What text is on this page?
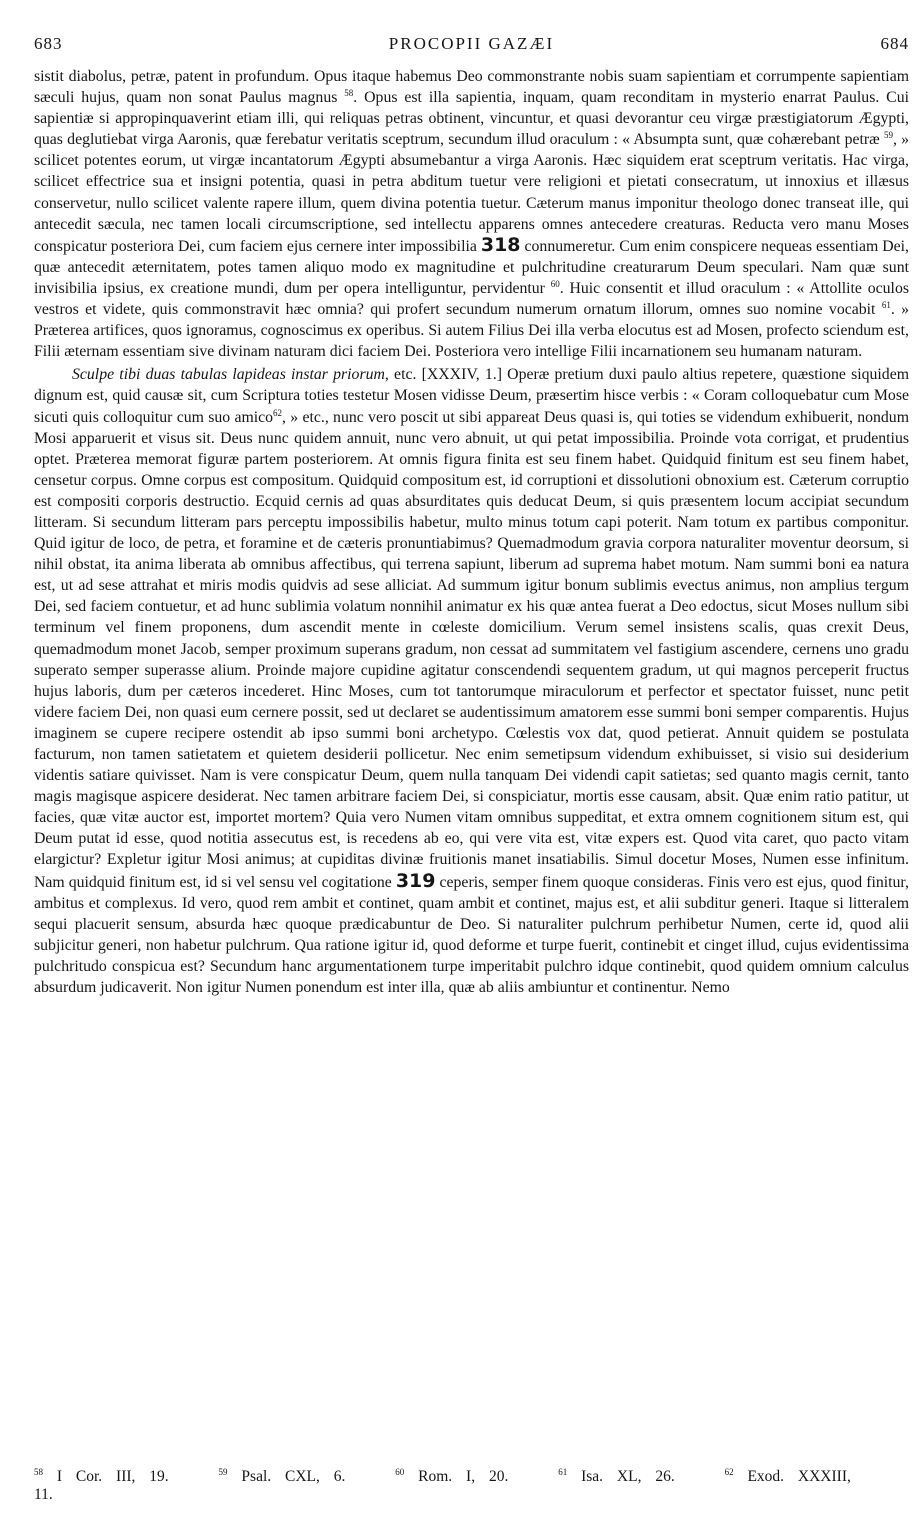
683	PROCOPII GAZÆI	684

sistit diabolus, petræ, patent in profundum. Opus itaque habemus Deo commonstrante nobis suam sapientiam et corrumpente sapientiam sæculi hujus, quam non sonat Paulus magnus $^{58}$. Opus est illa sapientia, inquam, quam reconditam in mysterio enarrat Paulus. Cui sapientiæ si appropinquaverint etiam illi, qui reliquas petras obtinent, vincuntur, et quasi devorantur ceu virgæ præstigiatorum Ægypti, quas deglutiebat virga Aaronis, quæ ferebatur veritatis sceptrum, secundum illud oraculum : « Absumpta sunt, quæ cohærebant petræ $^{59}$, » scilicet potentes eorum, ut virgæ incantatorum Ægypti absumebantur a virga Aaronis. Hæc siquidem erat sceptrum veritatis. Hac virga, scilicet effectrice sua et insigni potentia, quasi in petra abditum tuetur vere religioni et pietati consecratum, ut innoxius et illæsus conservetur, nullo scilicet valente rapere illum, quem divina potentia tuetur. Cæterum manus imponitur theologo donec transeat ille, qui antecedit sæcula, nec tamen locali circumscriptione, sed intellectu apparens omnes antecedere creaturas. Reducta vero manu Moses conspicatur posteriora Dei, cum faciem ejus cernere inter impossibilia 318 connumeretur. Cum enim conspicere nequeas essentiam Dei, quæ antecedit æternitatem, potes tamen aliquo modo ex magnitudine et pulchritudine creaturarum Deum speculari. Nam quæ sunt invisibilia ipsius, ex creatione mundi, dum per opera intelliguntur, pervidentur $^{60}$. Huic consentit et illud oraculum : « Attollite oculos vestros et videte, quis commonstravit hæc omnia? qui profert secundum numerum ornatum illorum, omnes suo nomine vocabit $^{61}$. » Præterea artifices, quos ignoramus, cognoscimus ex operibus. Si autem Filius Dei illa verba elocutus est ad Mosen, profecto sciendum est, Filii æternam essentiam sive divinam naturam dici faciem Dei. Posteriora vero intellige Filii incarnationem seu humanam naturam.

Sculpe tibi duas tabulas lapideas instar priorum, etc. [XXXIV, 1.] Operæ pretium duxi paulo altius repetere, quæstione siquidem dignum est, quid causæ sit, cum Scriptura toties testetur Mosen vidisse Deum, præsertim hisce verbis : « Coram colloquebatur cum Mose sicuti quis colloquitur cum suo amico$^{62}$, » etc., nunc vero poscit ut sibi appareat Deus quasi is, qui toties se videndum exhibuerit, nondum Mosi apparuerit et visus sit. Deus nunc quidem annuit, nunc vero abnuit, ut qui petat impossibilia. Proinde vota corrigat, et prudentius optet. Præterea memorat figuræ partem posteriorem. At omnis figura finita est seu finem habet. Quidquid finitum est seu finem habet, censetur corpus. Omne corpus est compositum. Quidquid compositum est, id corruptioni et dissolutioni obnoxium est. Cæterum corruptio est compositi corporis destructio. Ecquid cernis ad quas absurditates quis deducat Deum, si quis præsentem locum accipiat secundum litteram. Si secundum litteram pars perceptu impossibilis habetur, multo minus totum capi poterit. Nam totum ex partibus componitur. Quid igitur de loco, de petra, et foramine et de cæteris pronuntiabimus? Quemadmodum gravia corpora naturaliter moventur deorsum, si nihil obstat, ita anima liberata ab omnibus affectibus, qui terrena sapiunt, liberum ad suprema habet motum. Nam summi boni ea natura est, ut ad sese attrahat et miris modis quidvis ad sese alliciat. Ad summum igitur bonum sublimis evectus animus, non amplius tergum Dei, sed faciem contuetur, et ad hunc sublimia volatum nonnihil animatur ex his quæ antea fuerat a Deo edoctus, sicut Moses nullum sibi terminum vel finem proponens, dum ascendit mente in cœleste domicilium. Verum semel insistens scalis, quas crexit Deus, quemadmodum monet Jacob, semper proximum superans gradum, non cessat ad summitatem vel fastigium ascendere, cernens uno gradu superato semper superasse alium. Proinde majore cupidine agitatur conscendendi sequentem gradum, ut qui magnos perceperit fructus hujus laboris, dum per cæteros incederet. Hinc Moses, cum tot tantorumque miraculorum et perfector et spectator fuisset, nunc petit videre faciem Dei, non quasi eum cernere possit, sed ut declaret se audentissimum amatorem esse summi boni semper comparentis. Hujus imaginem se cupere recipere ostendit ab ipso summi boni archetypo. Cœlestis vox dat, quod petierat. Annuit quidem se postulata facturum, non tamen satietatem et quietem desiderii pollicetur. Nec enim semetipsum videndum exhibuisset, si visio sui desiderium videntis satiare quivisset. Nam is vere conspicatur Deum, quem nulla tanquam Dei videndi capit satietas; sed quanto magis cernit, tanto magis magisque aspicere desiderat. Nec tamen arbitrare faciem Dei, si conspiciatur, mortis esse causam, absit. Quæ enim ratio patitur, ut facies, quæ vitæ auctor est, importet mortem? Quia vero Numen vitam omnibus suppeditat, et extra omnem cognitionem situm est, qui Deum putat id esse, quod notitia assecutus est, is recedens ab eo, qui vere vita est, vitæ expers est. Quod vita caret, quo pacto vitam elargictur? Expletur igitur Mosi animus; at cupiditas divinæ fruitionis manet insatiabilis. Simul docetur Moses, Numen esse infinitum. Nam quidquid finitum est, id si vel sensu vel cogitatione 319 ceperis, semper finem quoque consideras. Finis vero est ejus, quod finitur, ambitus et complexus. Id vero, quod rem ambit et continet, quam ambit et continet, majus est, et alii subditur generi. Itaque si litteralem sequi placuerit sensum, absurda hæc quoque prædicabuntur de Deo. Si naturaliter pulchrum perhibetur Numen, certe id, quod alii subjicitur generi, non habetur pulchrum. Qua ratione igitur id, quod deforme et turpe fuerit, continebit et cinget illud, cujus evidentissima pulchritudo conspicua est? Secundum hanc argumentationem turpe imperitabit pulchro idque continebit, quod quidem omnium calculus absurdum judicaverit. Non igitur Numen ponendum est inter illa, quæ ab aliis ambiuntur et continentur. Nemo

$^{58}$ I Cor. III, 19.	$^{59}$ Psal. CXL, 6.	$^{60}$ Rom. I, 20.	$^{61}$ Isa. XL, 26.	$^{62}$ Exod. XXXIII, 11.
